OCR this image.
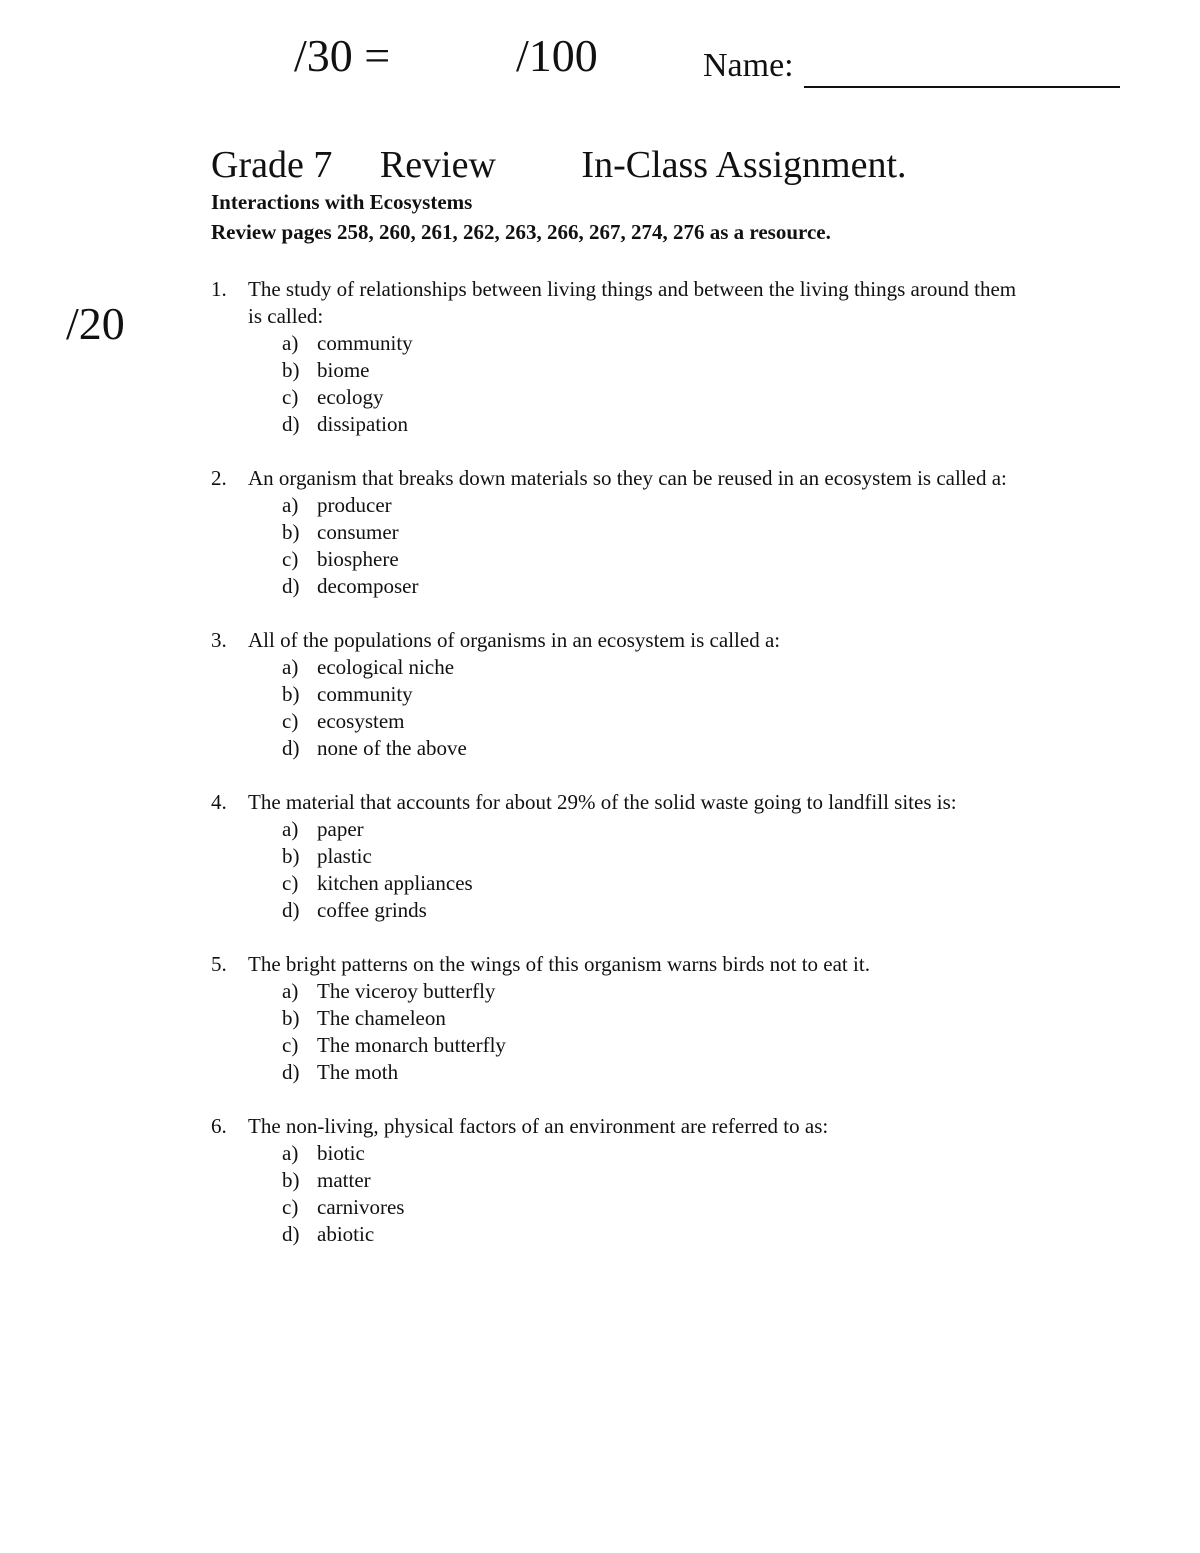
/30 =	/100	Name:
/20
Grade 7 Review In-Class Assignment.
Interactions with Ecosystems
Review pages 258, 260, 261, 262, 263, 266, 267, 274, 276 as a resource.
1. The study of relationships between living things and between the living things around them is called:
a) community
b) biome
c) ecology
d) dissipation
2. An organism that breaks down materials so they can be reused in an ecosystem is called a:
a) producer
b) consumer
c) biosphere
d) decomposer
3. All of the populations of organisms in an ecosystem is called a:
a) ecological niche
b) community
c) ecosystem
d) none of the above
4. The material that accounts for about 29% of the solid waste going to landfill sites is:
a) paper
b) plastic
c) kitchen appliances
d) coffee grinds
5. The bright patterns on the wings of this organism warns birds not to eat it.
a) The viceroy butterfly
b) The chameleon
c) The monarch butterfly
d) The moth
6. The non-living, physical factors of an environment are referred to as:
a) biotic
b) matter
c) carnivores
d) abiotic
